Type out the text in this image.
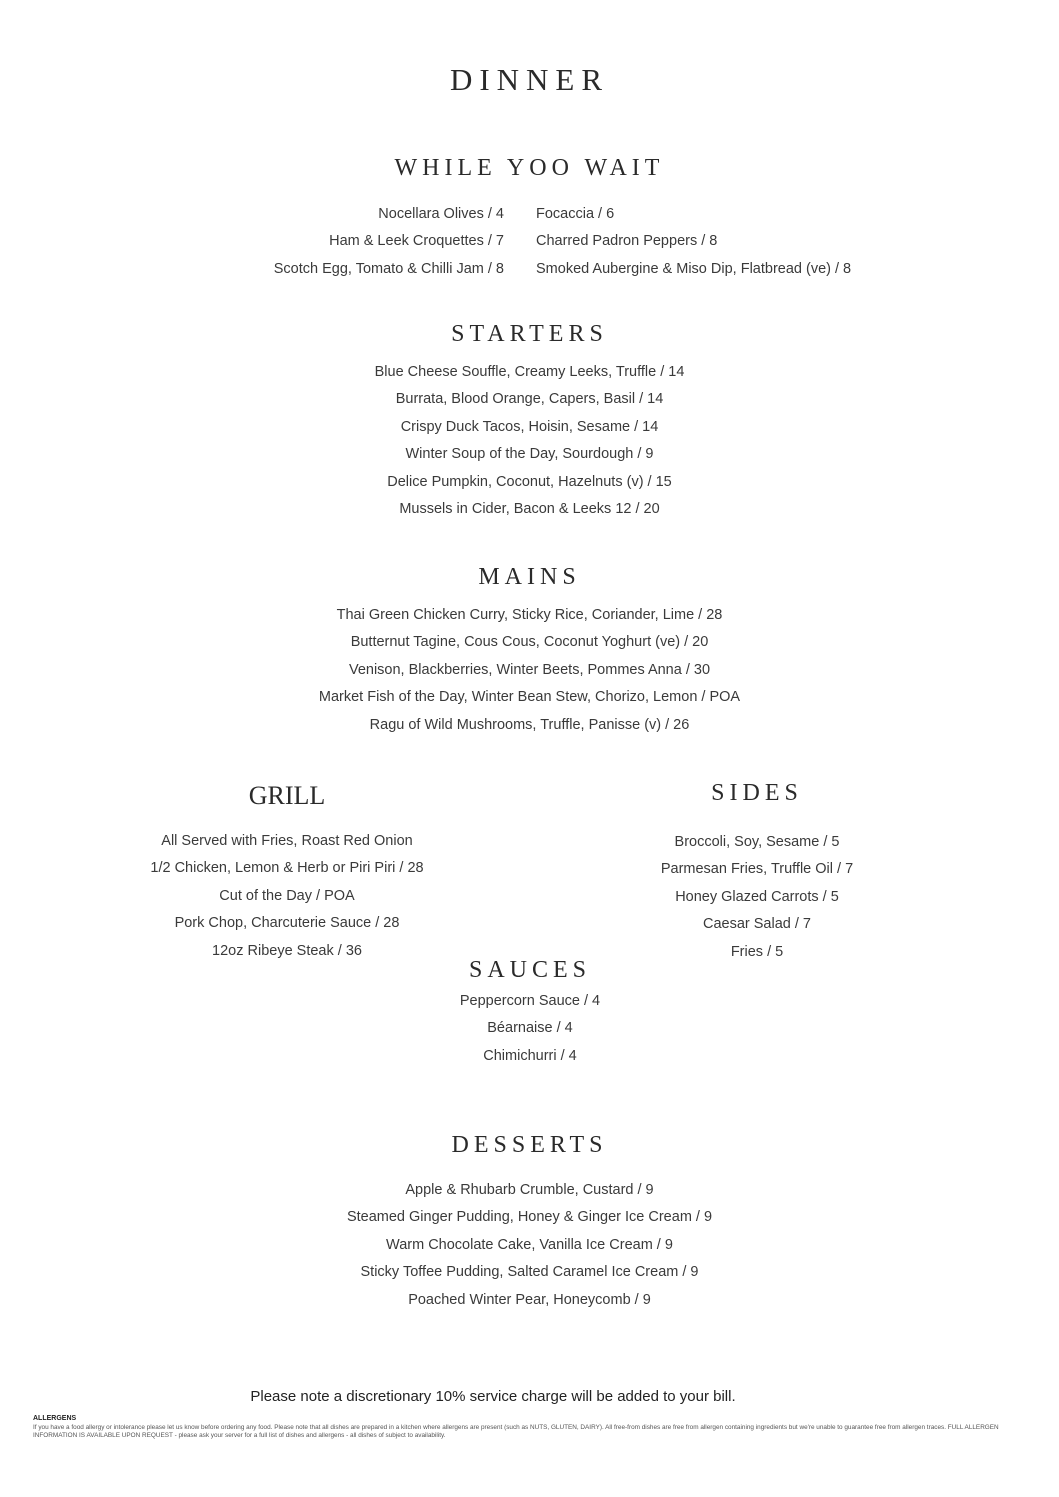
DINNER
WHILE YOO WAIT
Nocellara Olives / 4
Ham & Leek Croquettes / 7
Scotch Egg, Tomato & Chilli Jam / 8
Focaccia / 6
Charred Padron Peppers / 8
Smoked Aubergine & Miso Dip, Flatbread (ve) / 8
STARTERS
Blue Cheese Souffle, Creamy Leeks, Truffle / 14
Burrata, Blood Orange, Capers, Basil / 14
Crispy Duck Tacos, Hoisin, Sesame / 14
Winter Soup of the Day, Sourdough / 9
Delice Pumpkin, Coconut, Hazelnuts (v) / 15
Mussels in Cider, Bacon & Leeks 12 / 20
MAINS
Thai Green Chicken Curry, Sticky Rice, Coriander, Lime / 28
Butternut Tagine, Cous Cous, Coconut Yoghurt (ve) / 20
Venison, Blackberries, Winter Beets, Pommes Anna / 30
Market Fish of the Day, Winter Bean Stew, Chorizo, Lemon / POA
Ragu of Wild Mushrooms, Truffle, Panisse (v) / 26
GRILL
All Served with Fries, Roast Red Onion
1/2 Chicken, Lemon & Herb or Piri Piri / 28
Cut of the Day / POA
Pork Chop, Charcuterie Sauce / 28
12oz Ribeye Steak / 36
SIDES
Broccoli, Soy, Sesame / 5
Parmesan Fries, Truffle Oil / 7
Honey Glazed Carrots / 5
Caesar Salad / 7
Fries / 5
SAUCES
Peppercorn Sauce / 4
Béarnaise / 4
Chimichurri / 4
DESSERTS
Apple & Rhubarb Crumble, Custard / 9
Steamed Ginger Pudding, Honey & Ginger Ice Cream / 9
Warm Chocolate Cake, Vanilla Ice Cream / 9
Sticky Toffee Pudding, Salted Caramel Ice Cream / 9
Poached Winter Pear, Honeycomb / 9
Please note a discretionary 10% service charge will be added to your bill.
ALLERGENS
If you have a food allergy or intolerance please let us know before ordering any food. Please note that all dishes are prepared in a kitchen where allergens are present (such as NUTS, GLUTEN, DAIRY). All free-from dishes are free from allergen containing ingredients but we're unable to guarantee free from allergen traces. FULL ALLERGEN INFORMATION IS AVAILABLE UPON REQUEST - please ask your server for a full list of dishes and allergens - all dishes of subject to availability.
